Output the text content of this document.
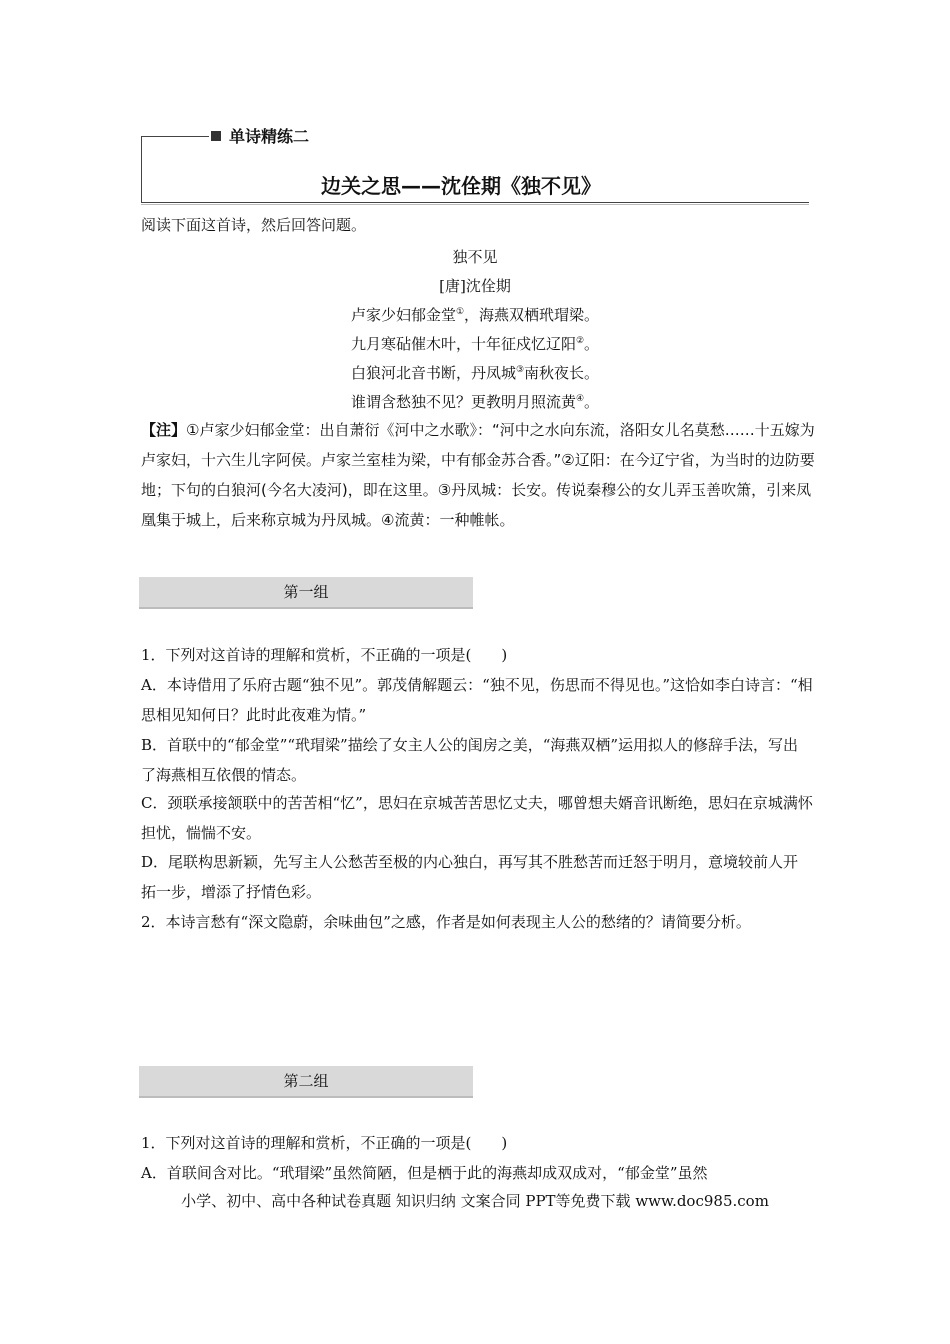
单诗精练二
边关之思——沈佺期《独不见》
阅读下面这首诗，然后回答问题。
独不见
[唐]沈佺期
卢家少妇郁金堂①，海燕双栖玳瑁梁。
九月寒砧催木叶，十年征戍忆辽阳②。
白狼河北音书断，丹凤城③南秋夜长。
谁谓含愁独不见？更教明月照流黄④。
【注】①卢家少妇郁金堂：出自萧衍《河中之水歌》：“河中之水向东流，洛阳女儿名莫愁……十五嫁为卢家妇，十六生儿字阿侯。卢家兰室桂为梁，中有郁金苏合香。”②辽阳：在今辽宁省，为当时的边防要地；下句的白狼河(今名大凌河)，即在这里。③丹凤城：长安。传说秦穆公的女儿弄玉善吹箫，引来凤凰集于城上，后来称京城为丹凤城。④流黄：一种帷帐。
第一组
1．下列对这首诗的理解和赏析，不正确的一项是(　　)
A．本诗借用了乐府古题“独不见”。郭茂倩解题云：“独不见，伤思而不得见也。”这恰如李白诗言：“相思相见知何日？此时此夜难为情。”
B．首联中的“郁金堂”“玳瑁梁”描绘了女主人公的闺房之美，“海燕双栖”运用拟人的修辞手法，写出了海燕相互依偎的情态。
C．颈联承接颔联中的苦苦相“忆”，思妇在京城苦苦思忆丈夫，哪曾想夫婿音讯断绝，思妇在京城满怀担忧，惴惴不安。
D．尾联构思新颖，先写主人公愁苦至极的内心独白，再写其不胜愁苦而迁怒于明月，意境较前人开拓一步，增添了抒情色彩。
2．本诗言愁有“深文隐蔚，余味曲包”之感，作者是如何表现主人公的愁绪的？请简要分析。
第二组
1．下列对这首诗的理解和赏析，不正确的一项是(　　)
A．首联间含对比。“玳瑁梁”虽然简陋，但是栖于此的海燕却成双成对，“郁金堂”虽然
小学、初中、高中各种试卷真题 知识归纳 文案合同 PPT等免费下载 www.doc985.com
